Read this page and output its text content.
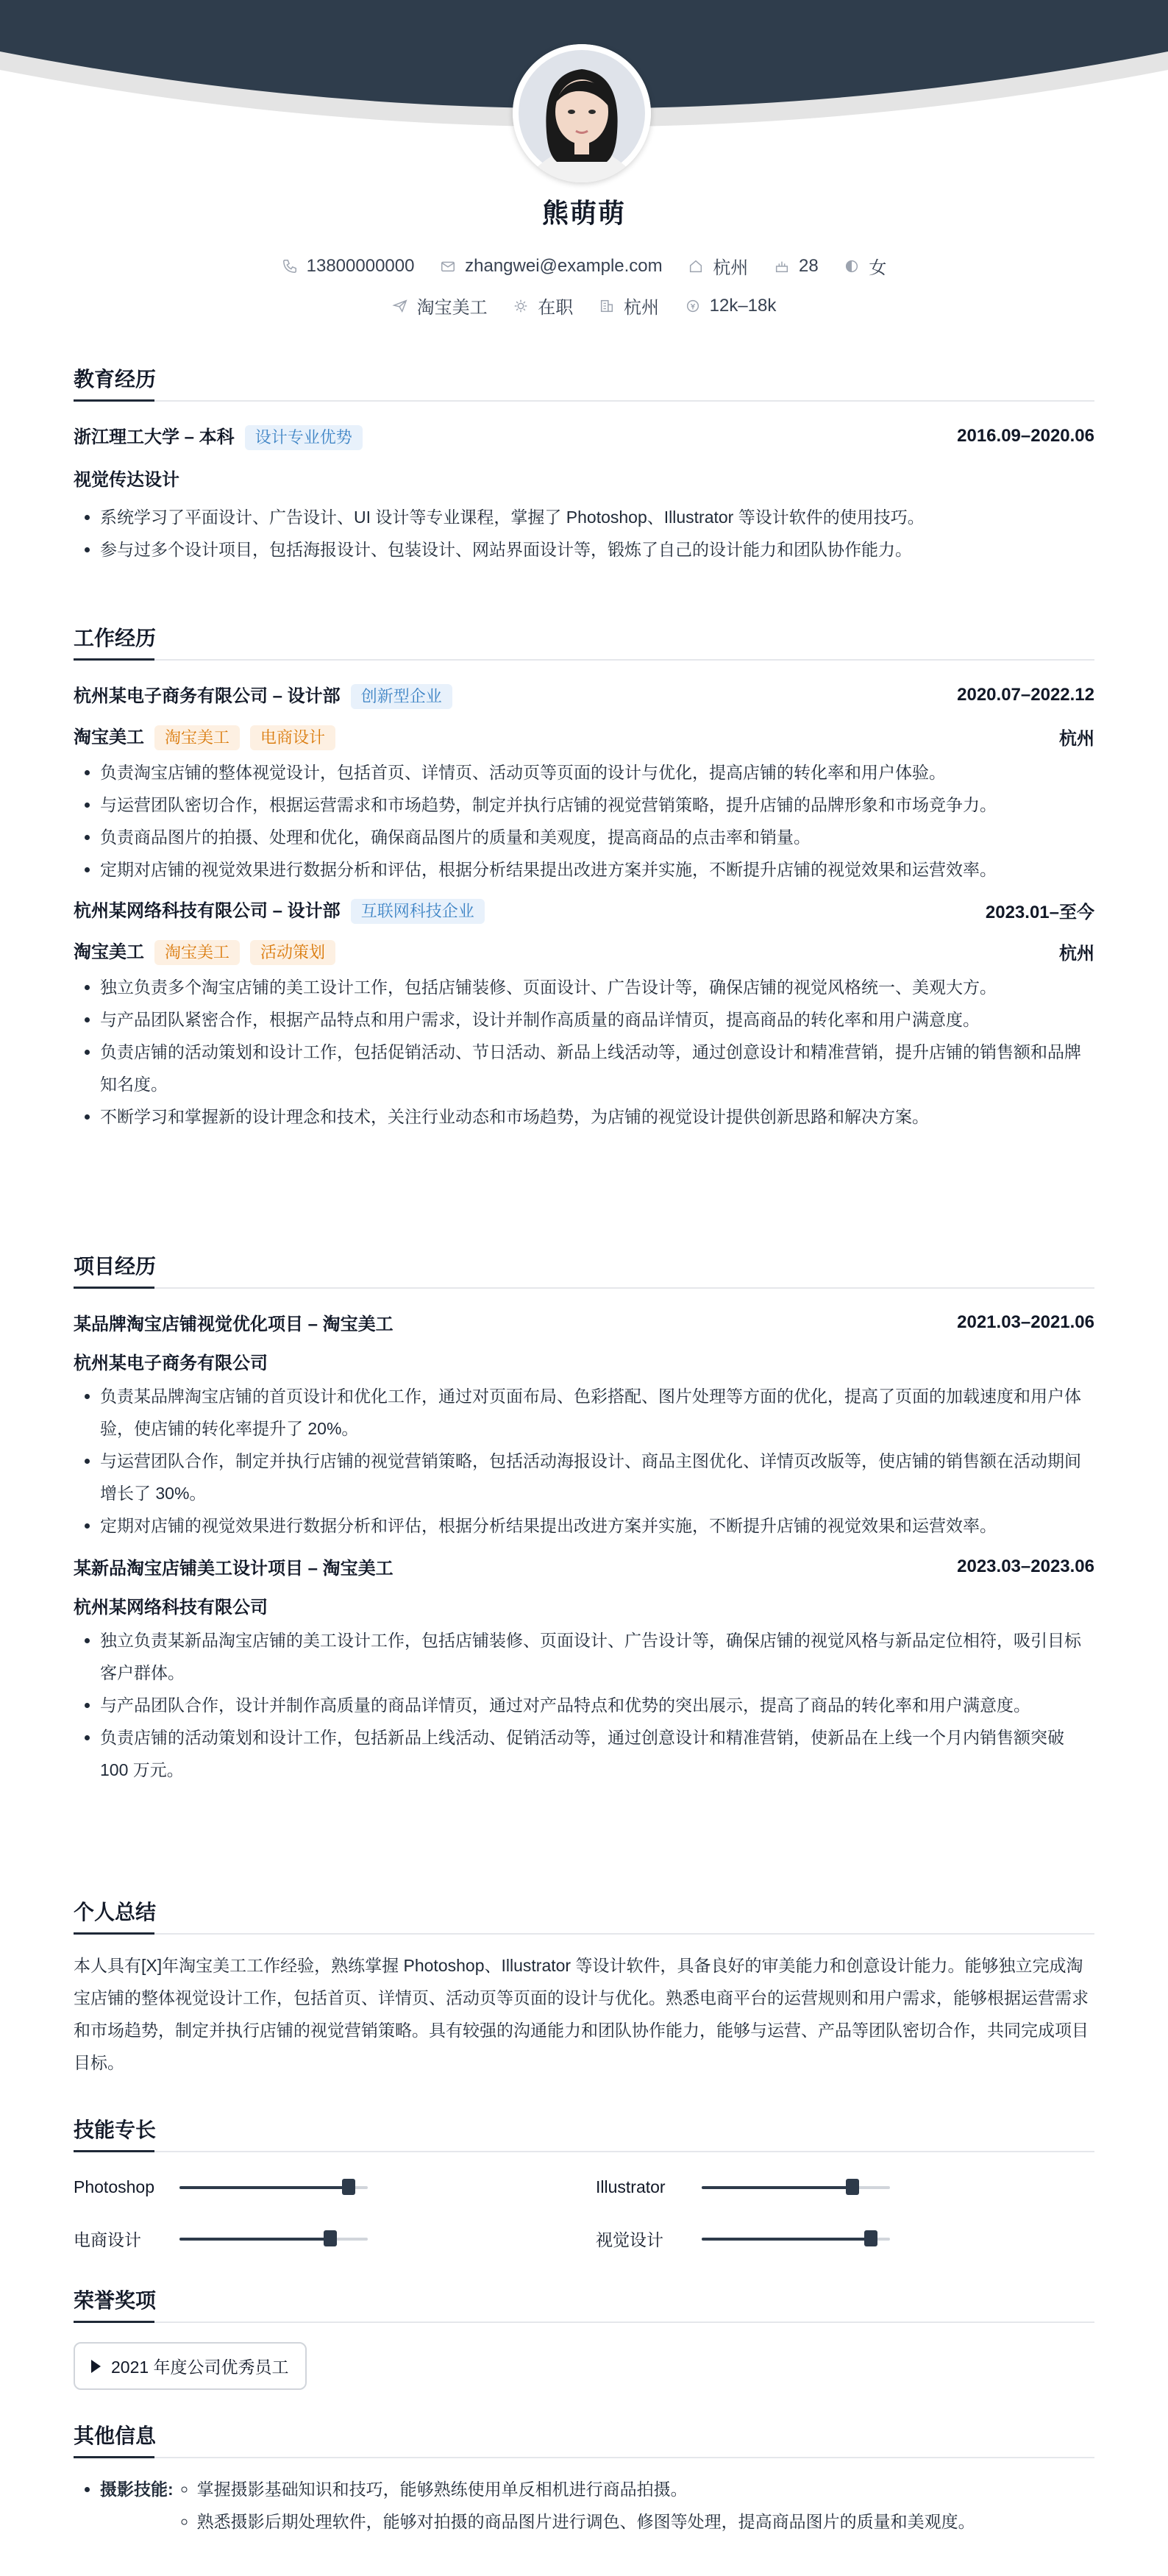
熊萌萌
13800000000
	zhangwei@example.com
	杭州
	28
	女
淘宝美工
	在职
	杭州
	12k–18k
教育经历
浙江理工大学 – 本科 设计专业优势	2016.09–2020.06
视觉传达设计
• 系统学习了平面设计、广告设计、UI 设计等专业课程，掌握了 Photoshop、Illustrator 等设计软件的使用技巧。
• 参与过多个设计项目，包括海报设计、包装设计、网站界面设计等，锻炼了自己的设计能力和团队协作能力。
工作经历
杭州某电子商务有限公司 – 设计部 创新型企业	2020.07–2022.12
淘宝美工 淘宝美工 电商设计	杭州
• 负责淘宝店铺的整体视觉设计，包括首页、详情页、活动页等页面的设计与优化，提高店铺的转化率和用户体验。
• 与运营团队密切合作，根据运营需求和市场趋势，制定并执行店铺的视觉营销策略，提升店铺的品牌形象和市场竞争力。
• 负责商品图片的拍摄、处理和优化，确保商品图片的质量和美观度，提高商品的点击率和销量。
• 定期对店铺的视觉效果进行数据分析和评估，根据分析结果提出改进方案并实施，不断提升店铺的视觉效果和运营效率。
杭州某网络科技有限公司 – 设计部 互联网科技企业	2023.01–至今
淘宝美工 淘宝美工 活动策划	杭州
• 独立负责多个淘宝店铺的美工设计工作，包括店铺装修、页面设计、广告设计等，确保店铺的视觉风格统一、美观大方。
• 与产品团队紧密合作，根据产品特点和用户需求，设计并制作高质量的商品详情页，提高商品的转化率和用户满意度。
• 负责店铺的活动策划和设计工作，包括促销活动、节日活动、新品上线活动等，通过创意设计和精准营销，提升店铺的销售额和品牌知名度。
• 不断学习和掌握新的设计理念和技术，关注行业动态和市场趋势，为店铺的视觉设计提供创新思路和解决方案。
项目经历
某品牌淘宝店铺视觉优化项目 – 淘宝美工	2021.03–2021.06
杭州某电子商务有限公司
• 负责某品牌淘宝店铺的首页设计和优化工作，通过对页面布局、色彩搭配、图片处理等方面的优化，提高了页面的加载速度和用户体验，使店铺的转化率提升了 20%。
• 与运营团队合作，制定并执行店铺的视觉营销策略，包括活动海报设计、商品主图优化、详情页改版等，使店铺的销售额在活动期间增长了 30%。
• 定期对店铺的视觉效果进行数据分析和评估，根据分析结果提出改进方案并实施，不断提升店铺的视觉效果和运营效率。
某新品淘宝店铺美工设计项目 – 淘宝美工	2023.03–2023.06
杭州某网络科技有限公司
• 独立负责某新品淘宝店铺的美工设计工作，包括店铺装修、页面设计、广告设计等，确保店铺的视觉风格与新品定位相符，吸引目标客户群体。
• 与产品团队合作，设计并制作高质量的商品详情页，通过对产品特点和优势的突出展示，提高了商品的转化率和用户满意度。
• 负责店铺的活动策划和设计工作，包括新品上线活动、促销活动等，通过创意设计和精准营销，使新品在上线一个月内销售额突破 100 万元。
个人总结
本人具有[X]年淘宝美工工作经验，熟练掌握 Photoshop、Illustrator 等设计软件，具备良好的审美能力和创意设计能力。能够独立完成淘宝店铺的整体视觉设计工作，包括首页、详情页、活动页等页面的设计与优化。熟悉电商平台的运营规则和用户需求，能够根据运营需求和市场趋势，制定并执行店铺的视觉营销策略。具有较强的沟通能力和团队协作能力，能够与运营、产品等团队密切合作，共同完成项目目标。
技能专长
Photoshop	Illustrator
电商设计	视觉设计
荣誉奖项
2021 年度公司优秀员工
其他信息
• 摄影技能:
◦ 掌握摄影基础知识和技巧，能够熟练使用单反相机进行商品拍摄。
◦ 熟悉摄影后期处理软件，能够对拍摄的商品图片进行调色、修图等处理，提高商品图片的质量和美观度。
